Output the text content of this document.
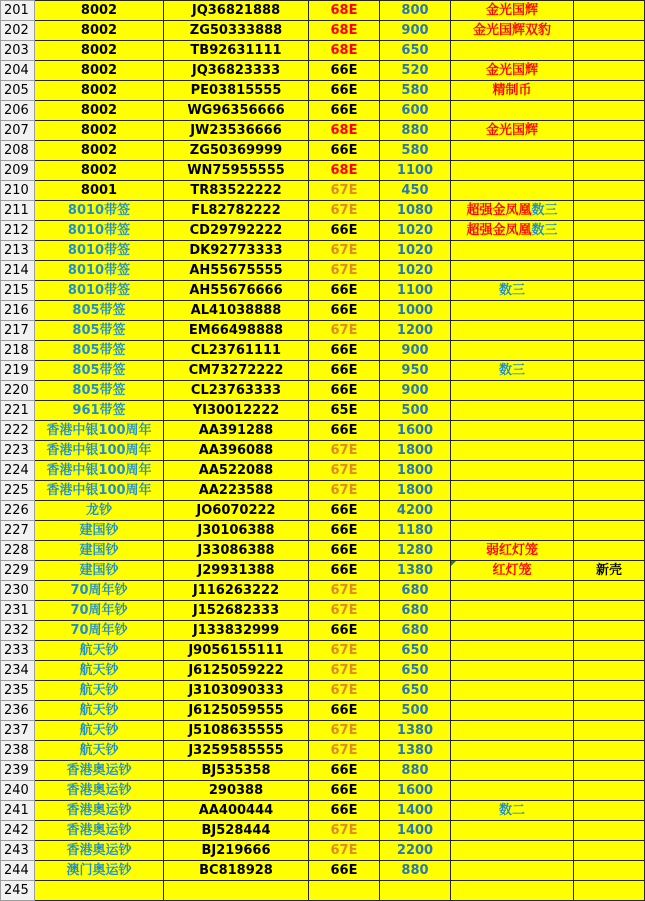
201	8002	JQ36821888	68E	800	金光国辉	
202	8002	ZG50333888	68E	900	金光国辉双豹	
203	8002	TB92631111	68E	650		
204	8002	JQ36823333	66E	520	金光国辉	
205	8002	PE03815555	66E	580	精制币	
206	8002	WG96356666	66E	600		
207	8002	JW23536666	68E	880	金光国辉	
208	8002	ZG50369999	66E	580		
209	8002	WN75955555	68E	1100		
210	8001	TR83522222	67E	450		
211	8010带签	FL82782222	67E	1080	超强金凤凰数三	
212	8010带签	CD29792222	66E	1020	超强金凤凰数三	
213	8010带签	DK92773333	67E	1020		
214	8010带签	AH55675555	67E	1020		
215	8010带签	AH55676666	66E	1100	数三	
216	805带签	AL41038888	66E	1000		
217	805带签	EM66498888	67E	1200		
218	805带签	CL23761111	66E	900		
219	805带签	CM73272222	66E	950	数三	
220	805带签	CL23763333	66E	900		
221	961带签	YI30012222	65E	500		
222	香港中银100周年	AA391288	66E	1600		
223	香港中银100周年	AA396088	67E	1800		
224	香港中银100周年	AA522088	67E	1800		
225	香港中银100周年	AA223588	67E	1800		
226	龙钞	JO6070222	66E	4200		
227	建国钞	J30106388	66E	1180		
228	建国钞	J33086388	66E	1280	弱红灯笼	
229	建国钞	J29931388	66E	1380	红灯笼	新壳
230	70周年钞	J116263222	67E	680		
231	70周年钞	J152682333	67E	680		
232	70周年钞	J133832999	66E	680		
233	航天钞	J9056155111	67E	650		
234	航天钞	J6125059222	67E	650		
235	航天钞	J3103090333	67E	650		
236	航天钞	J6125059555	66E	500		
237	航天钞	J5108635555	67E	1380		
238	航天钞	J3259585555	67E	1380		
239	香港奥运钞	BJ535358	66E	880		
240	香港奥运钞	290388	66E	1600		
241	香港奥运钞	AA400444	66E	1400	数二	
242	香港奥运钞	BJ528444	67E	1400		
243	香港奥运钞	BJ219666	67E	2200		
244	澳门奥运钞	BC818928	66E	880		
245						
